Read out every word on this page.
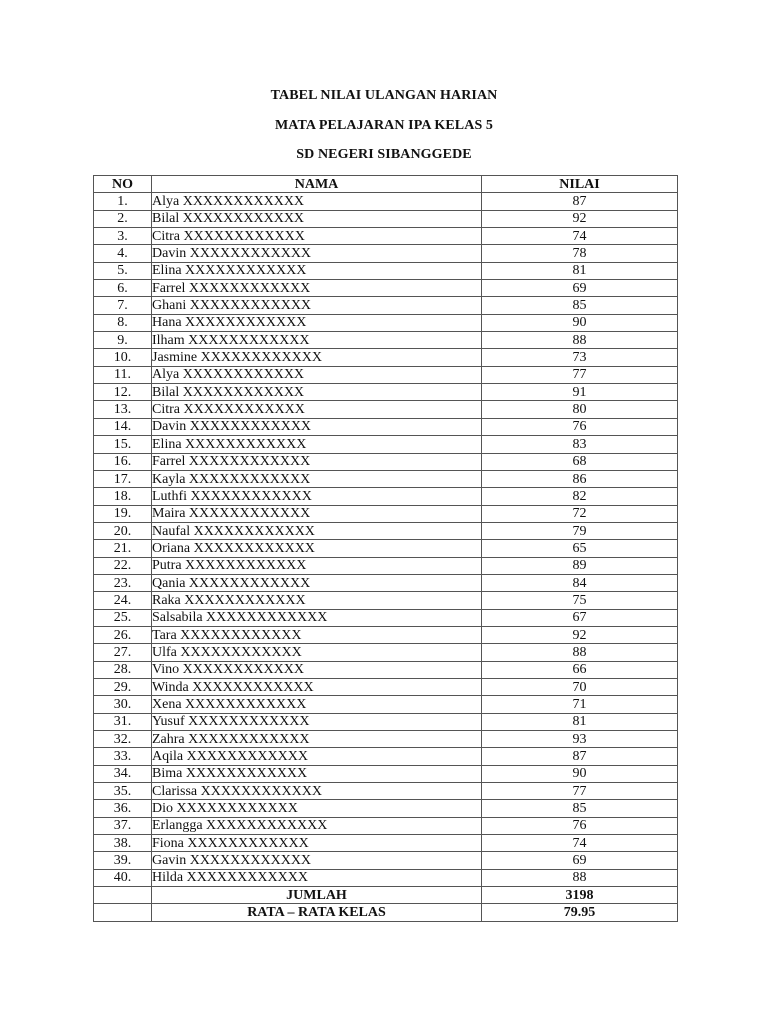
TABEL NILAI ULANGAN HARIAN
MATA PELAJARAN IPA KELAS 5
SD NEGERI SIBANGGEDE
NO	NAMA	NILAI
1.	Alya XXXXXXXXXXXX	87
2.	Bilal XXXXXXXXXXXX	92
3.	Citra XXXXXXXXXXXX	74
4.	Davin XXXXXXXXXXXX	78
5.	Elina XXXXXXXXXXXX	81
6.	Farrel XXXXXXXXXXXX	69
7.	Ghani XXXXXXXXXXXX	85
8.	Hana XXXXXXXXXXXX	90
9.	Ilham XXXXXXXXXXXX	88
10.	Jasmine XXXXXXXXXXXX	73
11.	Alya XXXXXXXXXXXX	77
12.	Bilal XXXXXXXXXXXX	91
13.	Citra XXXXXXXXXXXX	80
14.	Davin XXXXXXXXXXXX	76
15.	Elina XXXXXXXXXXXX	83
16.	Farrel XXXXXXXXXXXX	68
17.	Kayla XXXXXXXXXXXX	86
18.	Luthfi XXXXXXXXXXXX	82
19.	Maira XXXXXXXXXXXX	72
20.	Naufal XXXXXXXXXXXX	79
21.	Oriana XXXXXXXXXXXX	65
22.	Putra XXXXXXXXXXXX	89
23.	Qania XXXXXXXXXXXX	84
24.	Raka XXXXXXXXXXXX	75
25.	Salsabila XXXXXXXXXXXX	67
26.	Tara XXXXXXXXXXXX	92
27.	Ulfa XXXXXXXXXXXX	88
28.	Vino XXXXXXXXXXXX	66
29.	Winda XXXXXXXXXXXX	70
30.	Xena XXXXXXXXXXXX	71
31.	Yusuf XXXXXXXXXXXX	81
32.	Zahra XXXXXXXXXXXX	93
33.	Aqila XXXXXXXXXXXX	87
34.	Bima XXXXXXXXXXXX	90
35.	Clarissa XXXXXXXXXXXX	77
36.	Dio XXXXXXXXXXXX	85
37.	Erlangga XXXXXXXXXXXX	76
38.	Fiona XXXXXXXXXXXX	74
39.	Gavin XXXXXXXXXXXX	69
40.	Hilda XXXXXXXXXXXX	88
	JUMLAH	3198
	RATA – RATA KELAS	79.95
